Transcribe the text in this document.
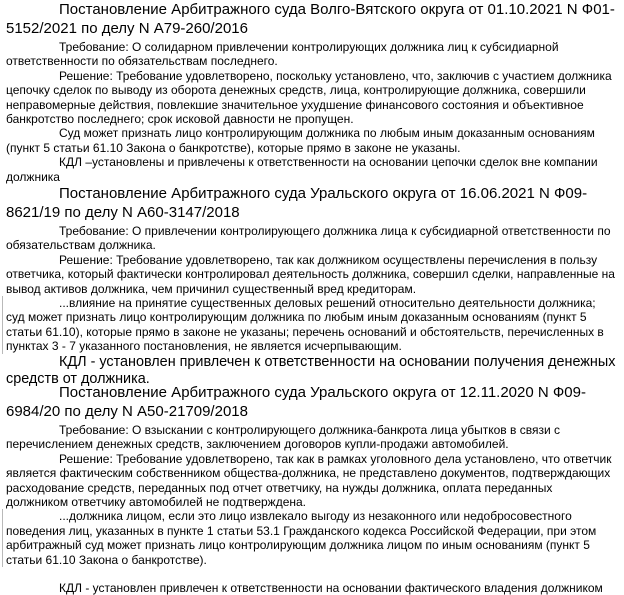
Постановление Арбитражного суда Волго-Вятского округа от 01.10.2021 N Ф01-5152/2021 по делу N А79-260/2016

Требование: О солидарном привлечении контролирующих должника лиц к субсидиарной ответственности по обязательствам последнего.

Решение: Требование удовлетворено, поскольку установлено, что, заключив с участием должника цепочку сделок по выводу из оборота денежных средств, лица, контролирующие должника, совершили неправомерные действия, повлекшие значительное ухудшение финансового состояния и объективное банкротство последнего; срок исковой давности не пропущен.

Суд может признать лицо контролирующим должника по любым иным доказанным основаниям (пункт 5 статьи 61.10 Закона о банкротстве), которые прямо в законе не указаны.

КДЛ –установлены и привлечены к ответственности на основании цепочки сделок вне компании должника

Постановление Арбитражного суда Уральского округа от 16.06.2021 N Ф09-8621/19 по делу N А60-3147/2018

Требование: О привлечении контролирующего должника лица к субсидиарной ответственности по обязательствам должника.

Решение: Требование удовлетворено, так как должником осуществлены перечисления в пользу ответчика, который фактически контролировал деятельность должника, совершил сделки, направленные на вывод активов должника, чем причинил существенный вред кредиторам.

...влияние на принятие существенных деловых решений относительно деятельности должника; суд может признать лицо контролирующим должника по любым иным доказанным основаниям (пункт 5 статьи 61.10), которые прямо в законе не указаны; перечень оснований и обстоятельств, перечисленных в пунктах 3 - 7 указанного постановления, не является исчерпывающим.

КДЛ - установлен привлечен к ответственности на основании получения денежных средств от должника.

Постановление Арбитражного суда Уральского округа от 12.11.2020 N Ф09-6984/20 по делу N А50-21709/2018

Требование: О взыскании с контролирующего должника-банкрота лица убытков в связи с перечислением денежных средств, заключением договоров купли-продажи автомобилей.

Решение: Требование удовлетворено, так как в рамках уголовного дела установлено, что ответчик является фактическим собственником общества-должника, не представлено документов, подтверждающих расходование средств, переданных под отчет ответчику, на нужды должника, оплата переданных должником ответчику автомобилей не подтверждена.

...должника лицом, если это лицо извлекало выгоду из незаконного или недобросовестного поведения лиц, указанных в пункте 1 статьи 53.1 Гражданского кодекса Российской Федерации, при этом арбитражный суд может признать лицо контролирующим должника лицом по иным основаниям (пункт 5 статьи 61.10 Закона о банкротстве).

КДЛ - установлен привлечен к ответственности на основании фактического владения должником
